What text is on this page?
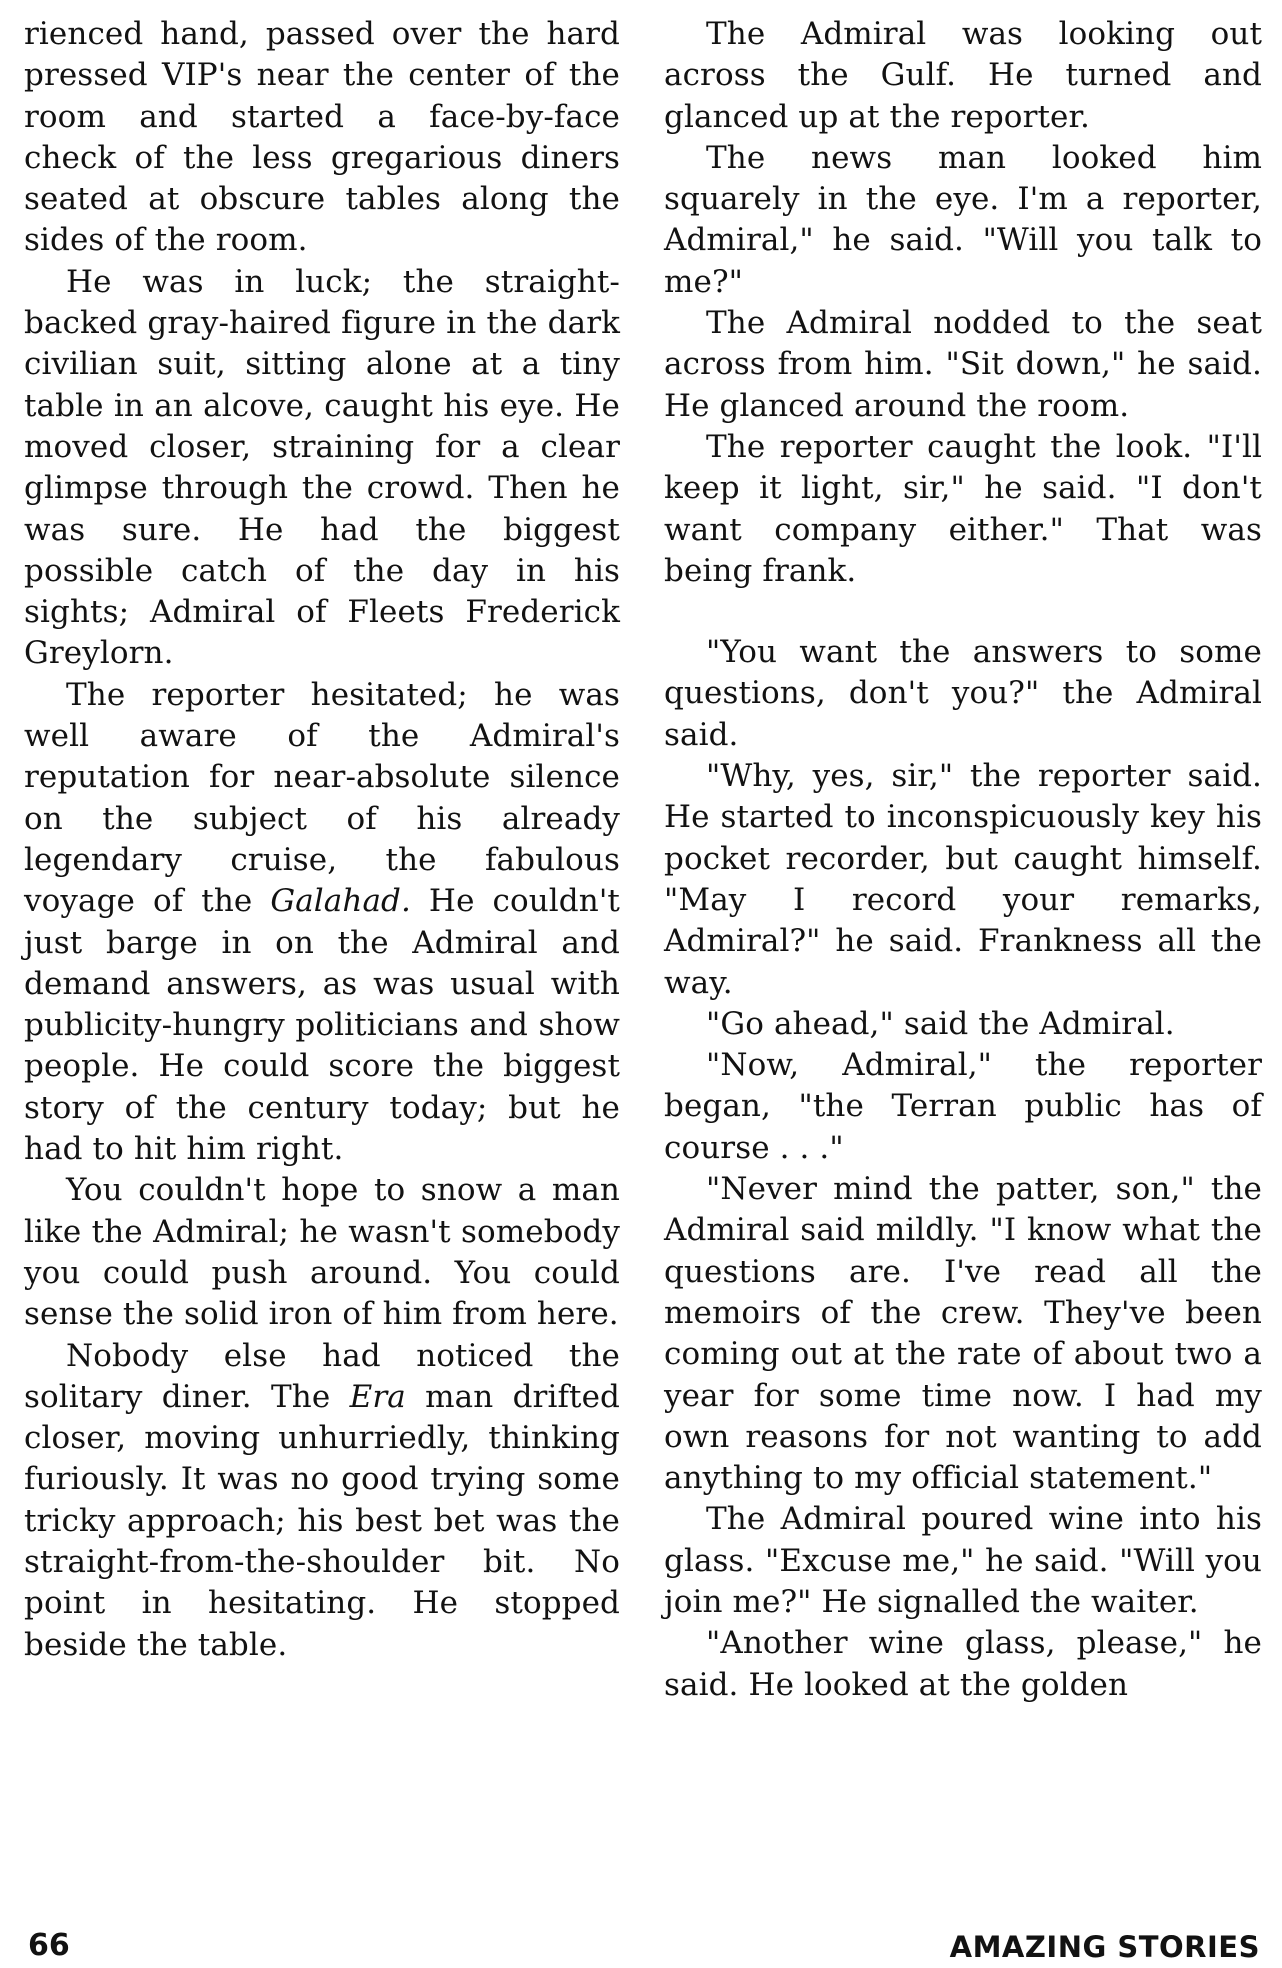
rienced hand, passed over the hard pressed VIP's near the center of the room and started a face-by-face check of the less gregarious diners seated at obscure tables along the sides of the room.

He was in luck; the straight-backed gray-haired figure in the dark civilian suit, sitting alone at a tiny table in an alcove, caught his eye. He moved closer, straining for a clear glimpse through the crowd. Then he was sure. He had the biggest possible catch of the day in his sights; Admiral of Fleets Frederick Greylorn.

The reporter hesitated; he was well aware of the Admiral's reputation for near-absolute silence on the subject of his already legendary cruise, the fabulous voyage of the Galahad. He couldn't just barge in on the Admiral and demand answers, as was usual with publicity-hungry politicians and show people. He could score the biggest story of the century today; but he had to hit him right.

You couldn't hope to snow a man like the Admiral; he wasn't somebody you could push around. You could sense the solid iron of him from here.

Nobody else had noticed the solitary diner. The Era man drifted closer, moving unhurriedly, thinking furiously. It was no good trying some tricky approach; his best bet was the straight-from-the-shoulder bit. No point in hesitating. He stopped beside the table.

The Admiral was looking out across the Gulf. He turned and glanced up at the reporter.

The news man looked him squarely in the eye. I'm a reporter, Admiral," he said. "Will you talk to me?"

The Admiral nodded to the seat across from him. "Sit down," he said. He glanced around the room.

The reporter caught the look. "I'll keep it light, sir," he said. "I don't want company either." That was being frank.

"You want the answers to some questions, don't you?" the Admiral said.

"Why, yes, sir," the reporter said. He started to inconspicuously key his pocket recorder, but caught himself. "May I record your remarks, Admiral?" he said. Frankness all the way.

"Go ahead," said the Admiral.

"Now, Admiral," the reporter began, "the Terran public has of course . . ."

"Never mind the patter, son," the Admiral said mildly. "I know what the questions are. I've read all the memoirs of the crew. They've been coming out at the rate of about two a year for some time now. I had my own reasons for not wanting to add anything to my official statement."

The Admiral poured wine into his glass. "Excuse me," he said. "Will you join me?" He signalled the waiter.

"Another wine glass, please," he said. He looked at the golden

66	AMAZING STORIES
